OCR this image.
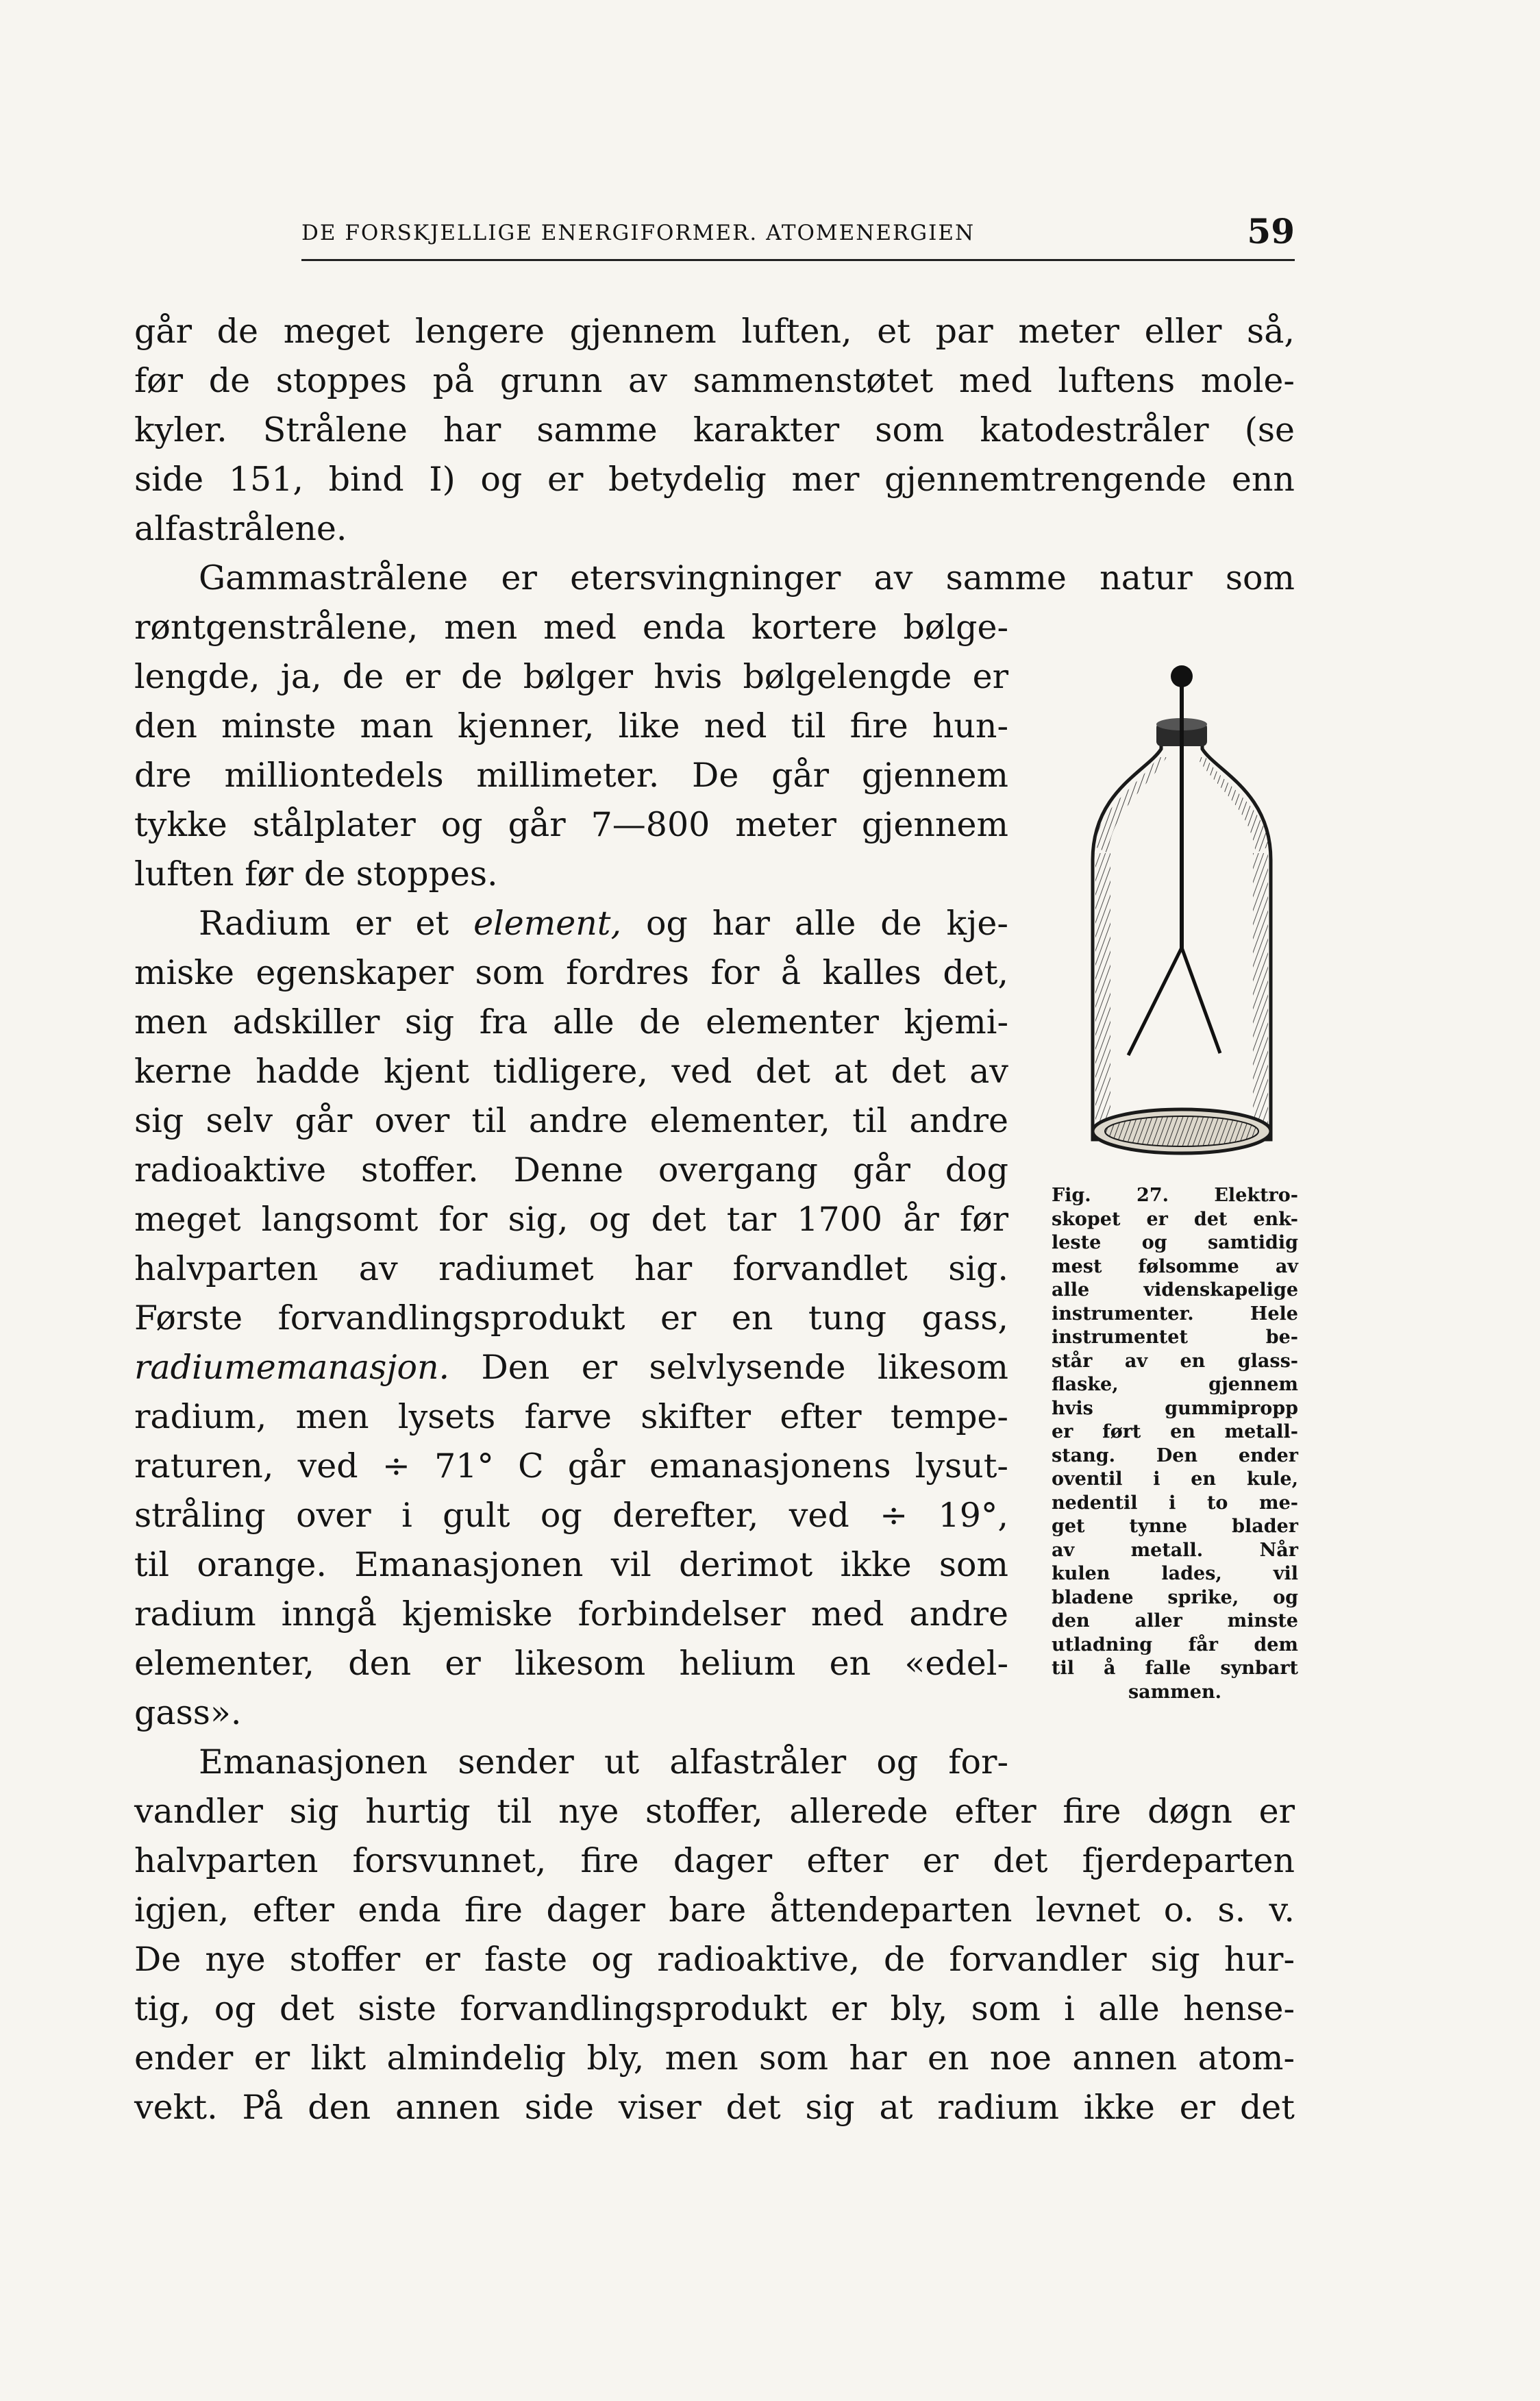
DE FORSKJELLIGE ENERGIFORMER. ATOMENERGIEN	59
går de meget lengere gjennem luften, et par meter eller så,
før de stoppes på grunn av sammenstøtet med luftens mole-
kyler. Strålene har samme karakter som katodestråler (se
side 151, bind I) og er betydelig mer gjennemtrengende enn
alfastrålene.
Gammastrålene er etersvingninger av samme natur som
røntgenstrålene, men med enda kortere bølge-
lengde, ja, de er de bølger hvis bølgelengde er
den minste man kjenner, like ned til fire hun-
dre milliontedels millimeter. De går gjennem
tykke stålplater og går 7—800 meter gjennem
luften før de stoppes.
Radium er et element, og har alle de kje-
miske egenskaper som fordres for å kalles det,
men adskiller sig fra alle de elementer kjemi-
kerne hadde kjent tidligere, ved det at det av
sig selv går over til andre elementer, til andre
radioaktive stoffer. Denne overgang går dog
meget langsomt for sig, og det tar 1700 år før
halvparten av radiumet har forvandlet sig.
Første forvandlingsprodukt er en tung gass,
radiumemanasjon. Den er selvlysende likesom
radium, men lysets farve skifter efter tempe-
raturen, ved ÷ 71° C går emanasjonens lysut-
stråling over i gult og derefter, ved ÷ 19°,
til orange. Emanasjonen vil derimot ikke som
radium inngå kjemiske forbindelser med andre
elementer, den er likesom helium en «edel-
gass».
Emanasjonen sender ut alfastråler og for-
vandler sig hurtig til nye stoffer, allerede efter fire døgn er
halvparten forsvunnet, fire dager efter er det fjerdeparten
igjen, efter enda fire dager bare åttendeparten levnet o. s. v.
De nye stoffer er faste og radioaktive, de forvandler sig hur-
tig, og det siste forvandlingsprodukt er bly, som i alle hense-
ender er likt almindelig bly, men som har en noe annen atom-
vekt. På den annen side viser det sig at radium ikke er det
Fig. 27. Elektro-
skopet er det enk-
leste og samtidig
mest følsomme av
alle videnskapelige
instrumenter. Hele
instrumentet be-
står av en glass-
flaske, gjennem
hvis gummipropp
er ført en metall-
stang. Den ender
oventil i en kule,
nedentil i to me-
get tynne blader
av metall. Når
kulen lades, vil
bladene sprike, og
den aller minste
utladning får dem
til å falle synbart
sammen.
